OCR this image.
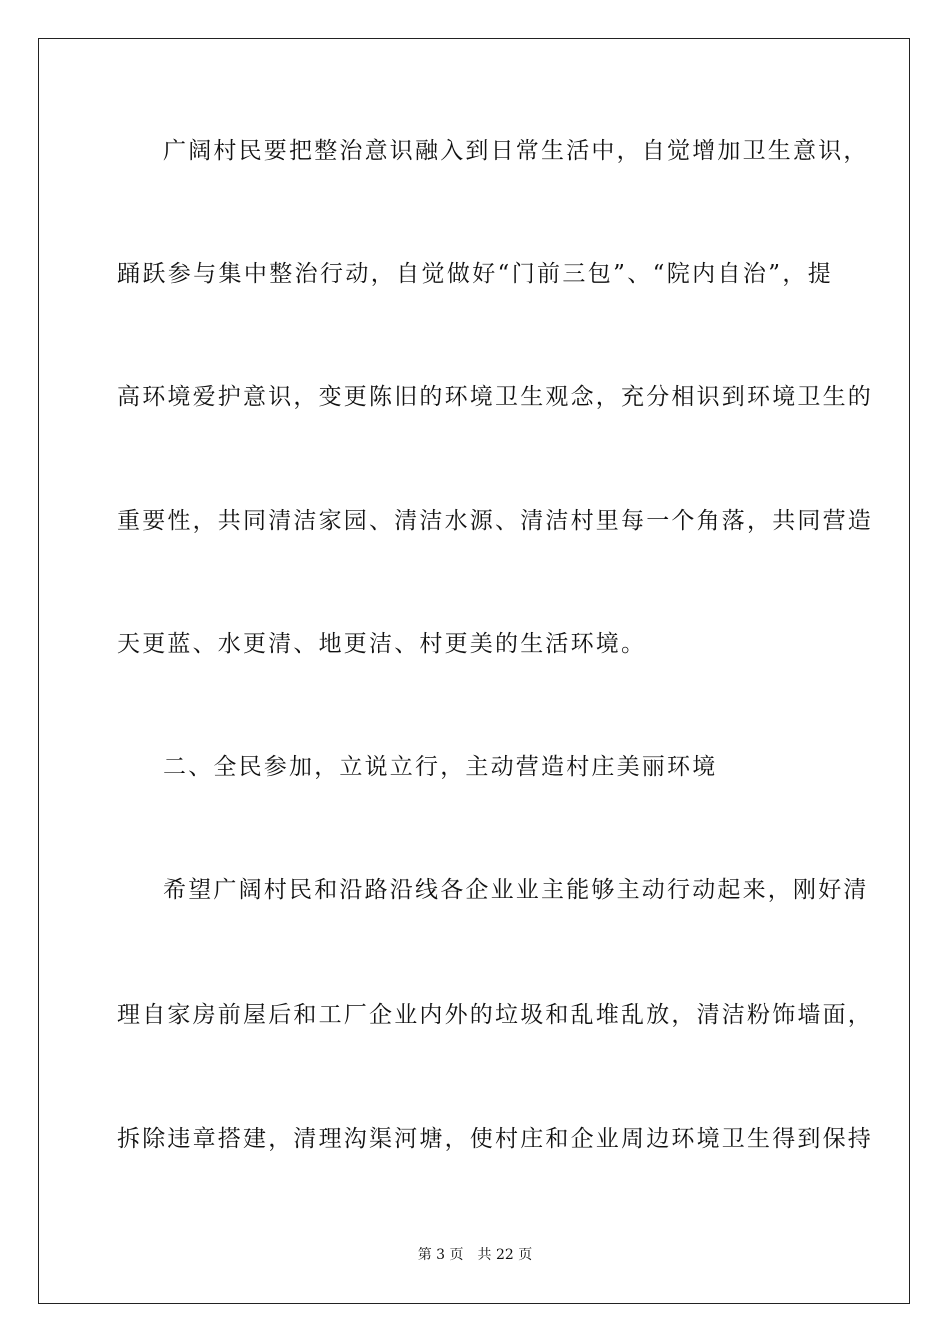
广阔村民要把整治意识融入到日常生活中，自觉增加卫生意识，
踊跃参与集中整治行动，自觉做好“门前三包”、“院内自治”，提
高环境爱护意识，变更陈旧的环境卫生观念，充分相识到环境卫生的
重要性，共同清洁家园、清洁水源、清洁村里每一个角落，共同营造
天更蓝、水更清、地更洁、村更美的生活环境。
二、全民参加，立说立行，主动营造村庄美丽环境
希望广阔村民和沿路沿线各企业业主能够主动行动起来，刚好清
理自家房前屋后和工厂企业内外的垃圾和乱堆乱放，清洁粉饰墙面，
拆除违章搭建，清理沟渠河塘，使村庄和企业周边环境卫生得到保持
第 3 页 共 22 页
